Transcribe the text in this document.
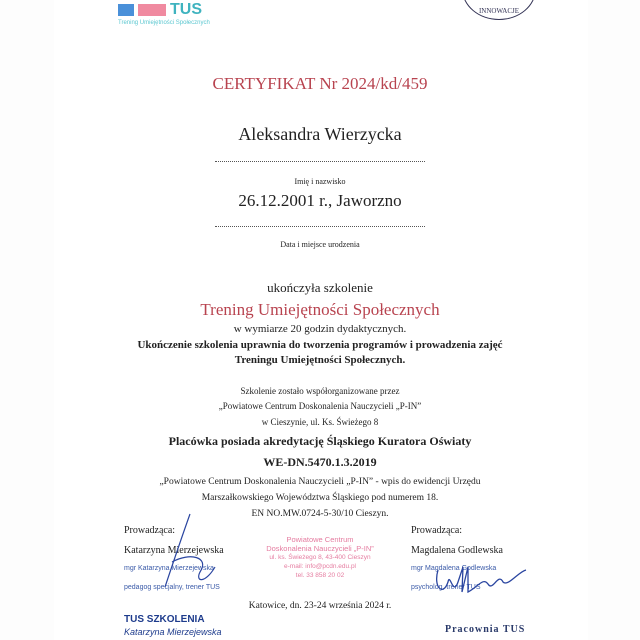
TUS
Trening Umiejętności Społecznych
INNOWACJE
CERTYFIKAT Nr 2024/kd/459
Aleksandra Wierzycka
Imię i nazwisko
26.12.2001 r., Jaworzno
Data i miejsce urodzenia
ukończyła szkolenie
Trening Umiejętności Społecznych
w wymiarze 20 godzin dydaktycznych.
Ukończenie szkolenia uprawnia do tworzenia programów i prowadzenia zajęć
Treningu Umiejętności Społecznych.
Szkolenie zostało współorganizowane przez
„Powiatowe Centrum Doskonalenia Nauczycieli „P-IN”
w Cieszynie, ul. Ks. Świeżego 8
Placówka posiada akredytację Śląskiego Kuratora Oświaty
WE-DN.5470.1.3.2019
„Powiatowe Centrum Doskonalenia Nauczycieli „P-IN” - wpis do ewidencji Urzędu
Marszałkowskiego Województwa Śląskiego pod numerem 18.
EN NO.MW.0724-5-30/10 Cieszyn.
Prowadząca:
Katarzyna Mierzejewska
mgr Katarzyna Mierzejewska
pedagog specjalny, trener TUS
TUS SZKOLENIA
Katarzyna Mierzejewska
Powiatowe Centrum
Doskonalenia Nauczycieli „P-IN”
ul. ks. Świeżego 8, 43-400 Cieszyn
e-mail: info@pcdn.edu.pl
tel. 33 858 20 02
Katowice, dn. 23-24 września 2024 r.
Prowadząca:
Magdalena Godlewska
mgr Magdalena Godlewska
psycholog, trener TUS
Pracownia TUS
